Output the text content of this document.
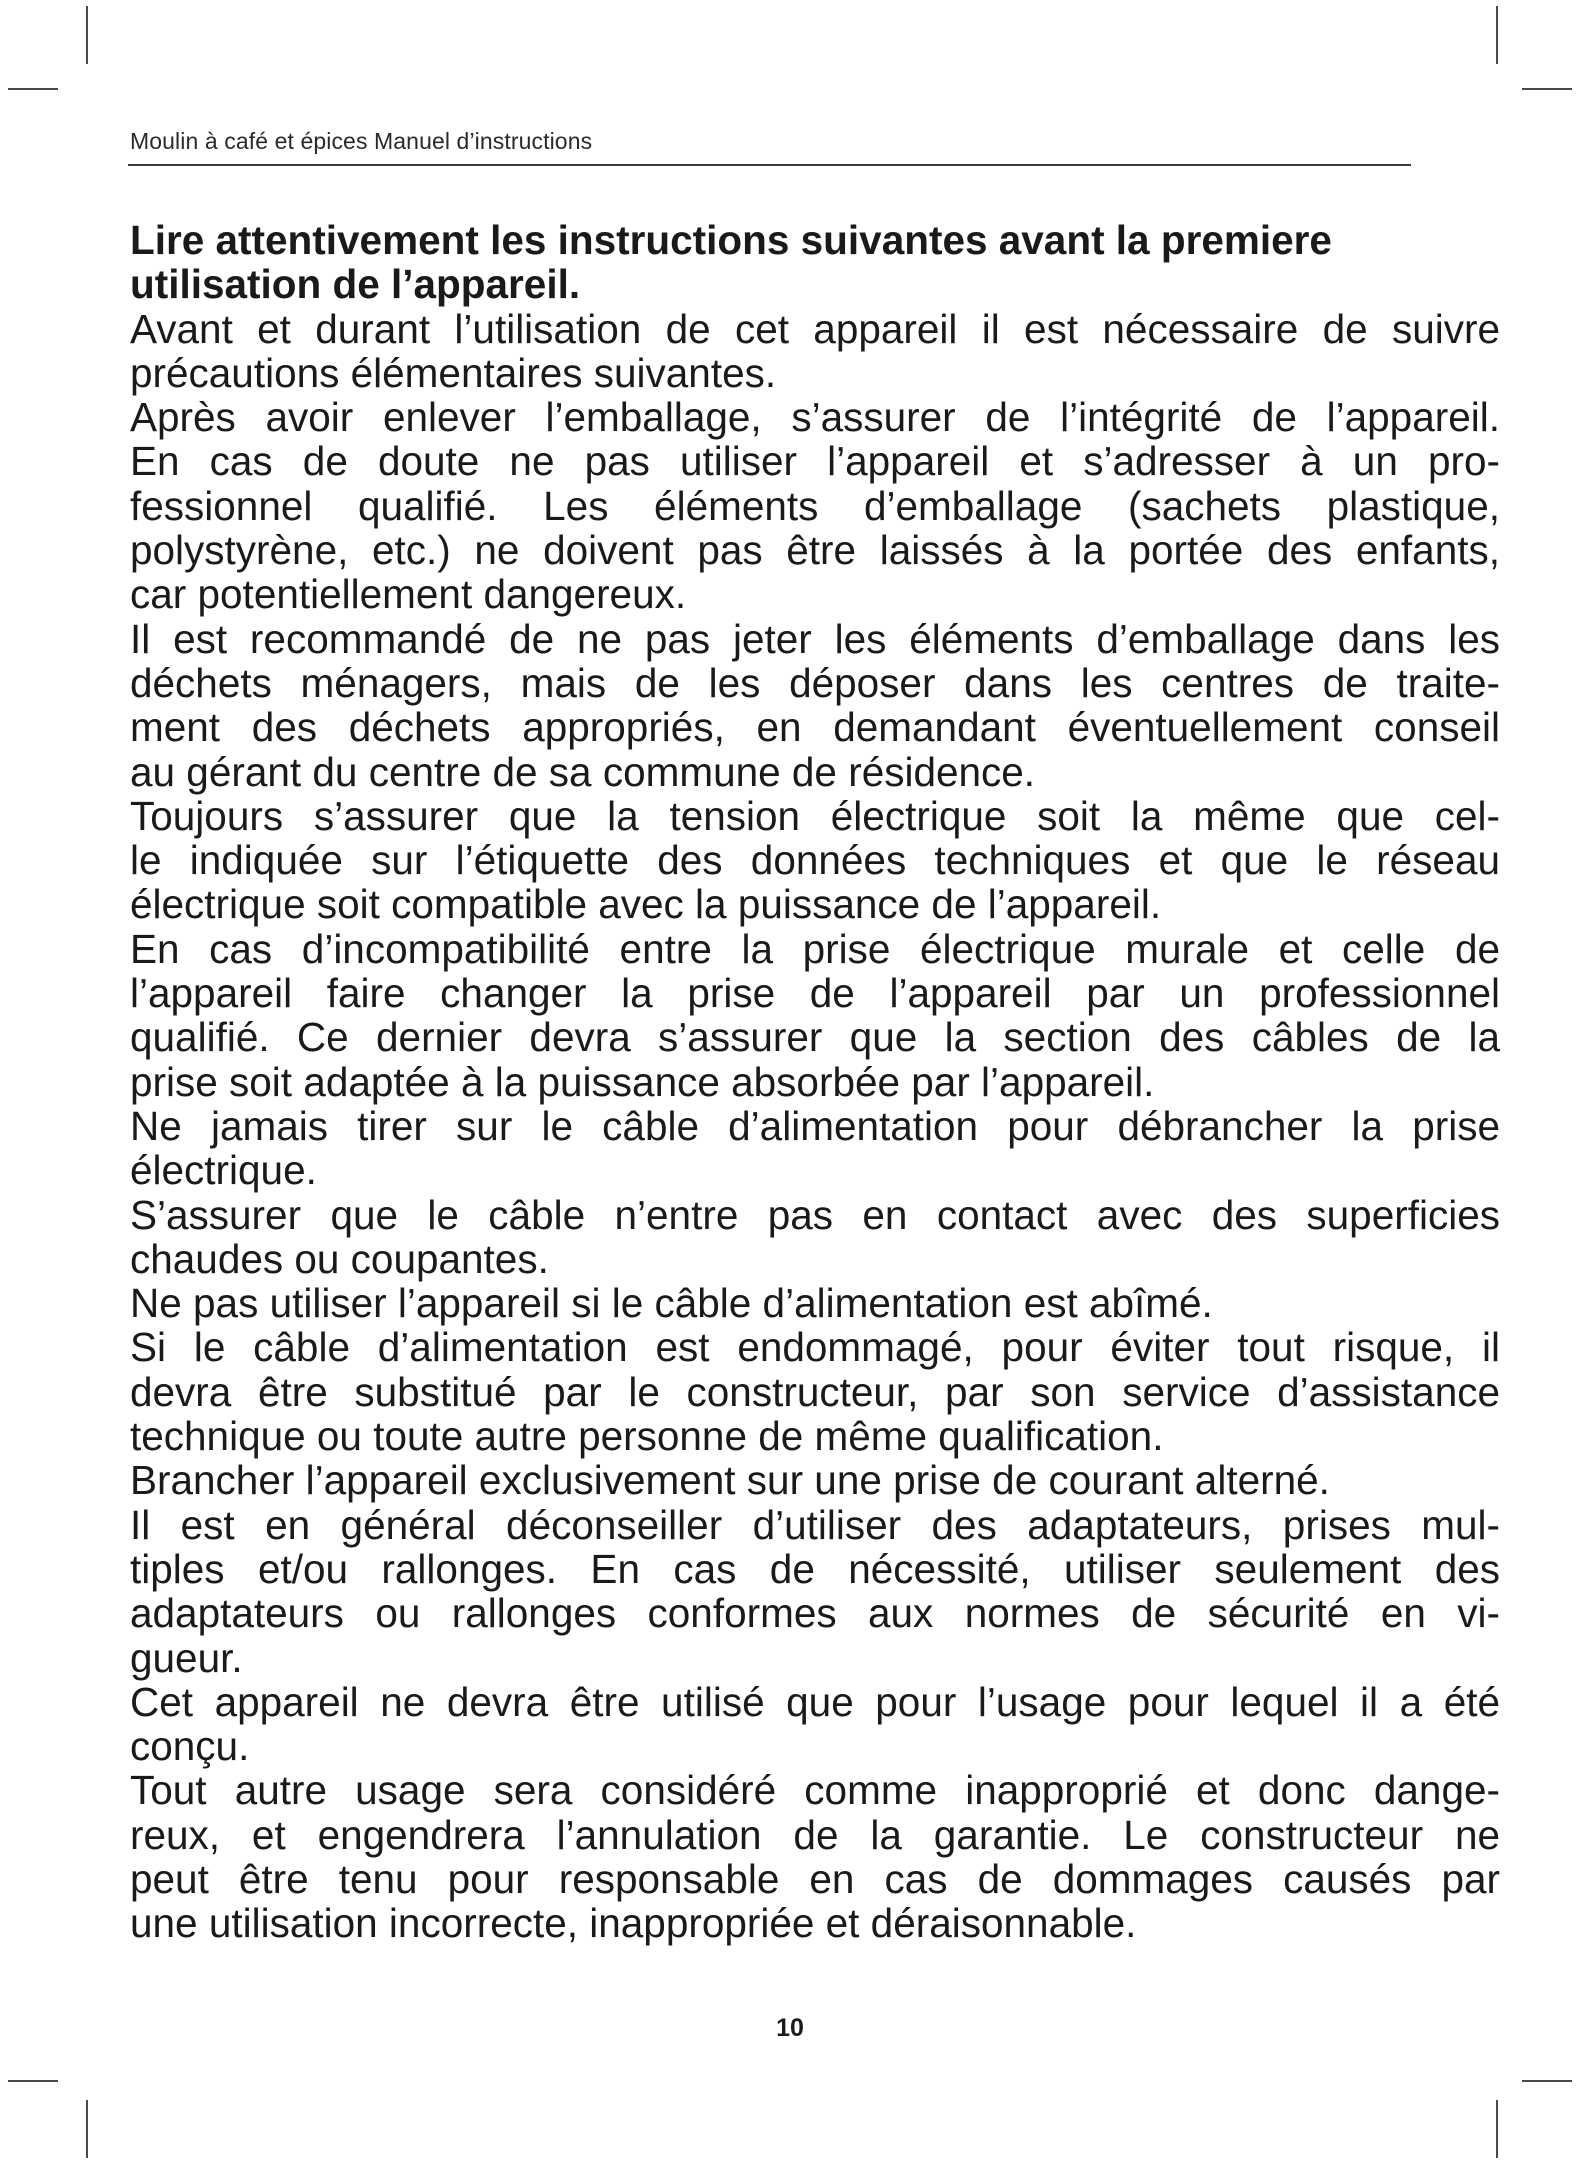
Moulin à café et épices Manuel d’instructions

Lire attentivement les instructions suivantes avant la premiere
utilisation de l’appareil.

Avant et durant l’utilisation de cet appareil il est nécessaire de suivre
précautions élémentaires suivantes.

Après avoir enlever l’emballage, s’assurer de l’intégrité de l’appareil.
En cas de doute ne pas utiliser l’appareil et s’adresser à un pro-
fessionnel qualifié. Les éléments d’emballage (sachets plastique,
polystyrène, etc.) ne doivent pas être laissés à la portée des enfants,
car potentiellement dangereux.

Il est recommandé de ne pas jeter les éléments d’emballage dans les
déchets ménagers, mais de les déposer dans les centres de traite-
ment des déchets appropriés, en demandant éventuellement conseil
au gérant du centre de sa commune de résidence.

Toujours s’assurer que la tension électrique soit la même que cel-
le indiquée sur l’étiquette des données techniques et que le réseau
électrique soit compatible avec la puissance de l’appareil.

En cas d’incompatibilité entre la prise électrique murale et celle de
l’appareil faire changer la prise de l’appareil par un professionnel
qualifié. Ce dernier devra s’assurer que la section des câbles de la
prise soit adaptée à la puissance absorbée par l’appareil.

Ne jamais tirer sur le câble d’alimentation pour débrancher la prise
électrique.

S’assurer que le câble n’entre pas en contact avec des superficies
chaudes ou coupantes.

Ne pas utiliser l’appareil si le câble d’alimentation est abîmé.

Si le câble d’alimentation est endommagé, pour éviter tout risque, il
devra être substitué par le constructeur, par son service d’assistance
technique ou toute autre personne de même qualification.

Brancher l’appareil exclusivement sur une prise de courant alterné.

Il est en général déconseiller d’utiliser des adaptateurs, prises mul-
tiples et/ou rallonges. En cas de nécessité, utiliser seulement des
adaptateurs ou rallonges conformes aux normes de sécurité en vi-
gueur.

Cet appareil ne devra être utilisé que pour l’usage pour lequel il a été
conçu.

Tout autre usage sera considéré comme inapproprié et donc dange-
reux, et engendrera l’annulation de la garantie. Le constructeur ne
peut être tenu pour responsable en cas de dommages causés par
une utilisation incorrecte, inappropriée et déraisonnable.

10
